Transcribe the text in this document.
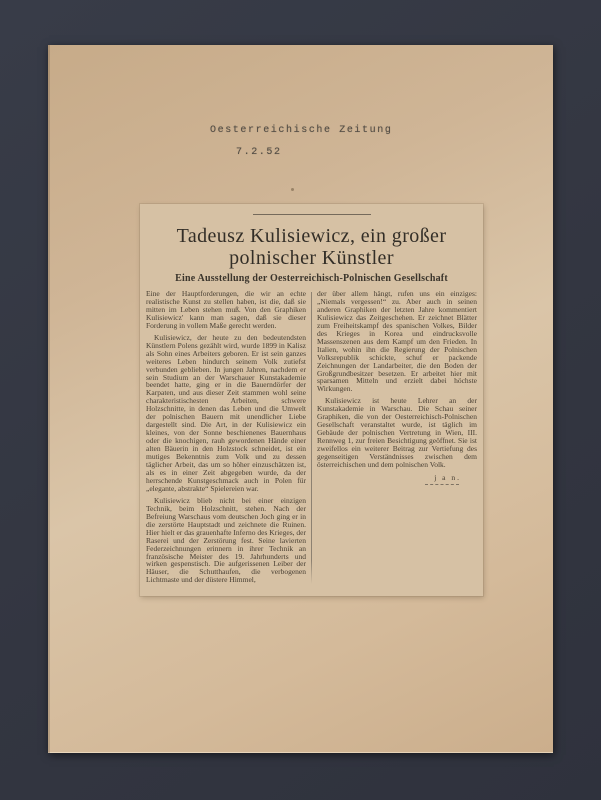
Oesterreichische Zeitung
7.2.52
Tadeusz Kulisiewicz, ein großer
polnischer Künstler
Eine Ausstellung der Oesterreichisch-Polnischen Gesellschaft

Eine der Hauptforderungen, die wir an echte realistische Kunst zu stellen haben, ist die, daß sie mitten im Leben stehen muß. Von den Graphiken Kulisiewicz' kann man sagen, daß sie dieser Forderung in vollem Maße gerecht werden.

Kulisiewicz, der heute zu den bedeutendsten Künstlern Polens gezählt wird, wurde 1899 in Kalisz als Sohn eines Arbeiters geboren. Er ist sein ganzes weiteres Leben hindurch seinem Volk zutiefst verbunden geblieben. In jungen Jahren, nachdem er sein Studium an der Warschauer Kunstakademie beendet hatte, ging er in die Bauerndörfer der Karpaten, und aus dieser Zeit stammen wohl seine charakteristischesten Arbeiten, schwere Holzschnitte, in denen das Leben und die Umwelt der polnischen Bauern mit unendlicher Liebe dargestellt sind. Die Art, in der Kulisiewicz ein kleines, von der Sonne beschienenes Bauernhaus oder die knochigen, rauh gewordenen Hände einer alten Bäuerin in den Holzstock schneidet, ist ein mutiges Bekenntnis zum Volk und zu dessen täglicher Arbeit, das um so höher einzuschätzen ist, als es in einer Zeit abgegeben wurde, da der herrschende Kunstgeschmack auch in Polen für „elegante, abstrakte“ Spielereien war.

Kulisiewicz blieb nicht bei einer einzigen Technik, beim Holzschnitt, stehen. Nach der Befreiung Warschaus vom deutschen Joch ging er in die zerstörte Hauptstadt und zeichnete die Ruinen. Hier hielt er das grauenhafte Inferno des Krieges, der Raserei und der Zerstörung fest. Seine lavierten Federzeichnungen erinnern in ihrer Technik an französische Meister des 19. Jahrhunderts und wirken gespenstisch. Die aufgerissenen Leiber der Häuser, die Schutthaufen, die verbogenen Lichtmaste und der düstere Himmel,

der über allem hängt, rufen uns ein einziges: „Niemals vergessen!“ zu. Aber auch in seinen anderen Graphiken der letzten Jahre kommentiert Kulisiewicz das Zeitgeschehen. Er zeichnet Blätter zum Freiheitskampf des spanischen Volkes, Bilder des Krieges in Korea und eindrucksvolle Massenszenen aus dem Kampf um den Frieden. In Italien, wohin ihn die Regierung der Polnischen Volksrepublik schickte, schuf er packende Zeichnungen der Landarbeiter, die den Boden der Großgrundbesitzer besetzen. Er arbeitet hier mit sparsamen Mitteln und erzielt dabei höchste Wirkungen.

Kulisiewicz ist heute Lehrer an der Kunstakademie in Warschau. Die Schau seiner Graphiken, die von der Oesterreichisch-Polnischen Gesellschaft veranstaltet wurde, ist täglich im Gebäude der polnischen Vertretung in Wien, III. Rennweg 1, zur freien Besichtigung geöffnet. Sie ist zweifellos ein weiterer Beitrag zur Vertiefung des gegenseitigen Verständnisses zwischen dem österreichischen und dem polnischen Volk.

j a n.
